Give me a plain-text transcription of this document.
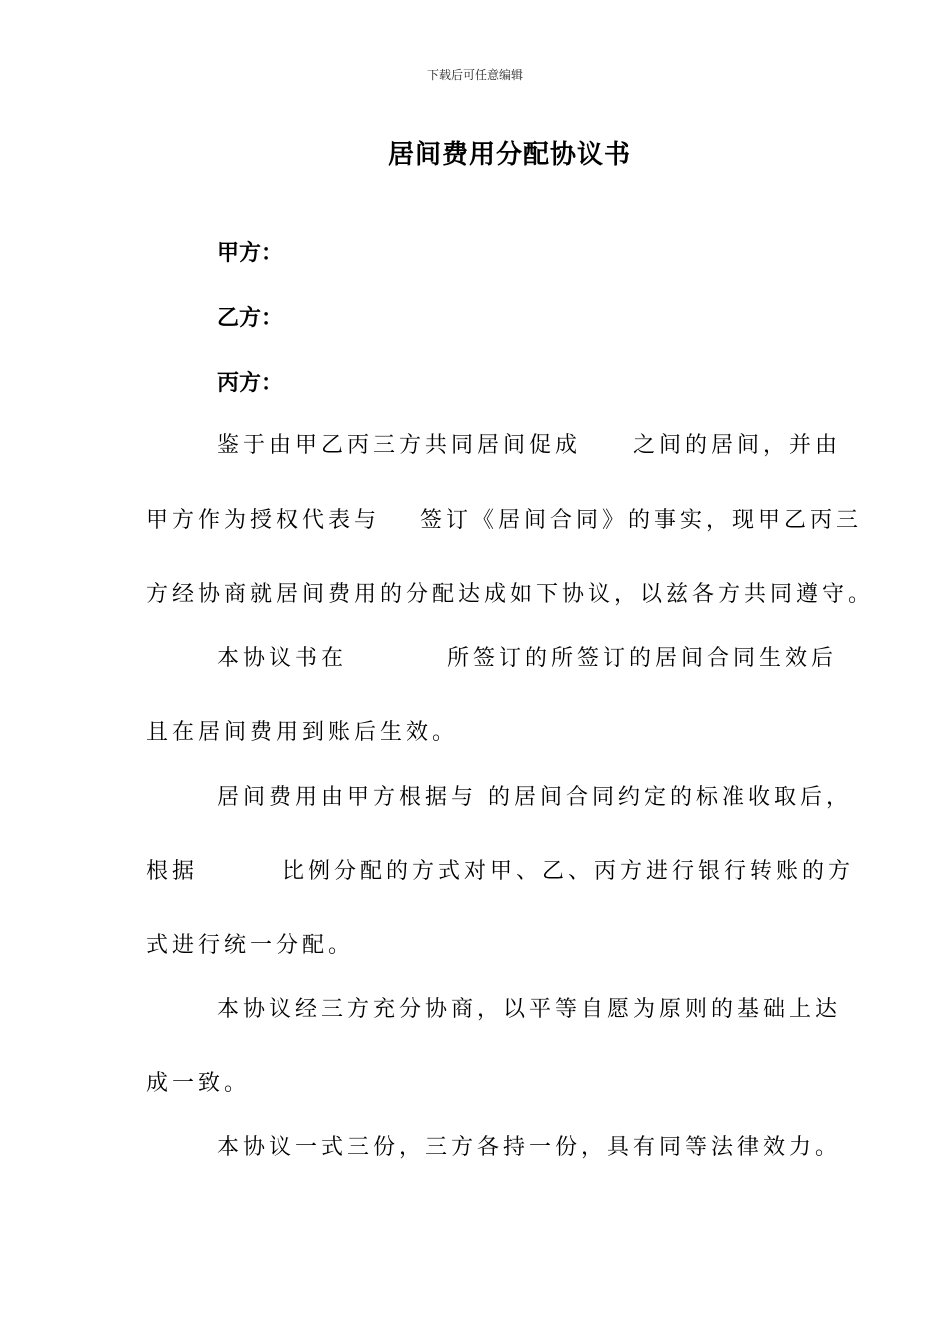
下载后可任意编辑
居间费用分配协议书
甲方：
乙方：
丙方：
鉴于由甲乙丙三方共同居间促成 之间的居间，并由
甲方作为授权代表与 签订《居间合同》的事实，现甲乙丙三
方经协商就居间费用的分配达成如下协议，以兹各方共同遵守。
本协议书在	所签订的所签订的居间合同生效后
且在居间费用到账后生效。
居间费用由甲方根据与 的居间合同约定的标准收取后，
根据	比例分配的方式对甲、乙、丙方进行银行转账的方
式进行统一分配。
本协议经三方充分协商，以平等自愿为原则的基础上达
成一致。
本协议一式三份，三方各持一份，具有同等法律效力。
